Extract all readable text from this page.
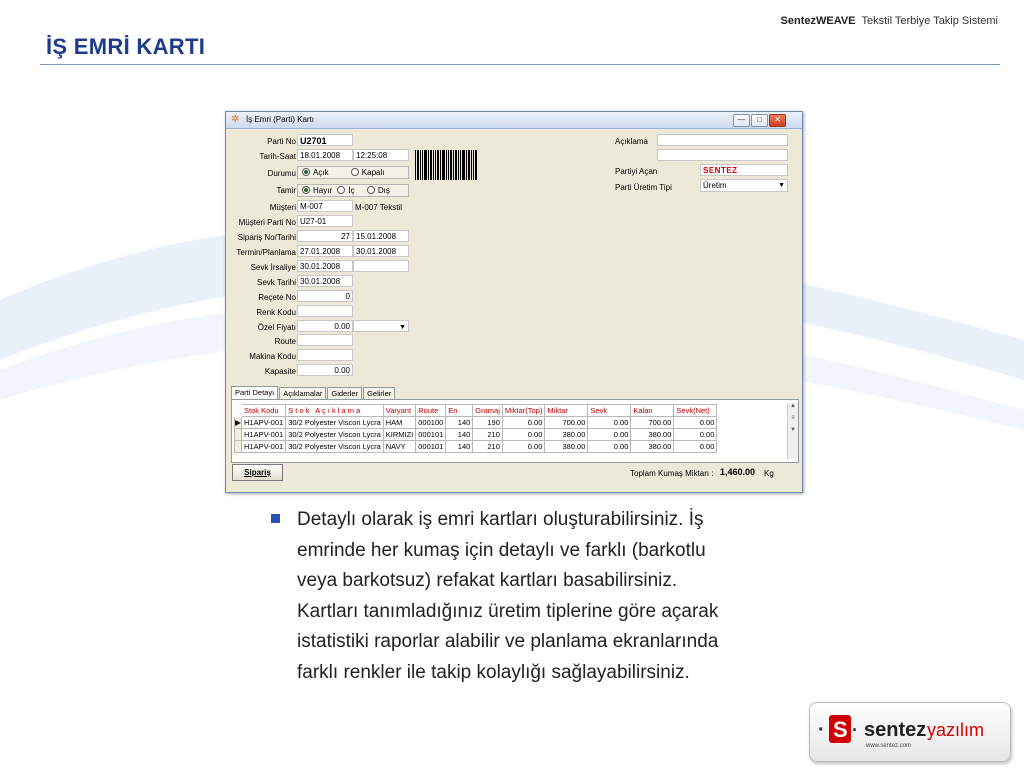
İŞ EMRİ KARTI
SentezWEAVE Tekstil Terbiye Takip Sistemi
✲ İş Emri (Parti) Kartı	—	□	✕
Parti No U2701
Tarih-Saat 18.01.2008	12:25:08
Durumu	Açık	Kapalı
Tamir	Hayır İç	Dış
Müşteri M-007	M-007 Tekstil
Müşteri Parti No U27-01
Sipariş No/Tarihi	27 15.01.2008
Termin/Planlama 27.01.2008	30.01.2008
Sevk İrsaliye 30.01.2008
Sevk Tarihi 30.01.2008
Reçete No	0
Renk Kodu
Özel Fiyatı	0.00	▼
Route
Makina Kodu
Kapasite	0.00
Açıklama
Partiyi Açan	SENTEZ
Parti Üretim Tipi	Üretim	▼
Parti Detayı Açıklamalar Giderler Gelirler
	Stok Kodu	S t o k   A ç ı k l a m a	Varyant	Route	En	Gramaj	Miktar(Top)	Miktar	Sevk	Kalan	Sevk(Net)
▶	H1APV-001	30/2 Polyester Viscon Lycra	HAM	000100	140	190	0.00	700.00	0.00	700.00	0.00
	H1APV-001	30/2 Polyester Viscon Lycra	KIRMIZI	000101	140	210	0.00	380.00	0.00	380.00	0.00
	H1APV-001	30/2 Polyester Viscon Lycra	NAVY	000101	140	210	0.00	380.00	0.00	380.00	0.00
▲

≡

▼
Sipariş	Toplam Kumaş Miktarı : 1,460.00 Kg
Detaylı olarak iş emri kartları oluşturabilirsiniz. İş emrinde her kumaş için detaylı ve farklı (barkotlu veya barkotsuz) refakat kartları basabilirsiniz. Kartları tanımladığınız üretim tiplerine göre açarak istatistiki raporlar alabilir ve planlama ekranlarında farklı renkler ile takip kolaylığı sağlayabilirsiniz.
· S · sentez yazılım
www.sentez.com
